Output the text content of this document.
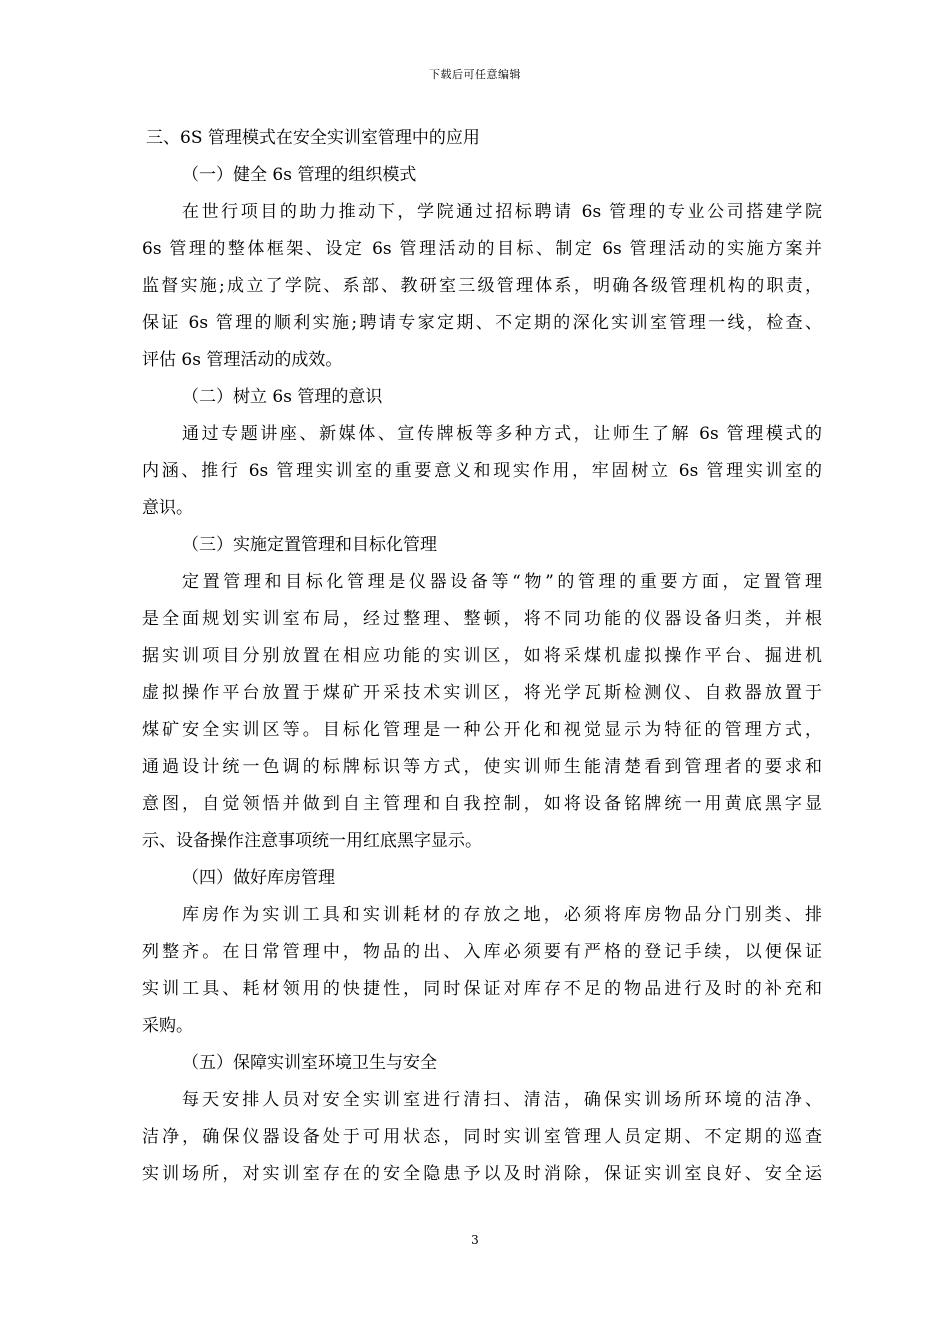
下载后可任意编辑

三、6S 管理模式在安全实训室管理中的应用

（一）健全 6s 管理的组织模式

在世行项目的助力推动下，学院通过招标聘请 6s 管理的专业公司搭建学院
6s 管理的整体框架、设定 6s 管理活动的目标、制定 6s 管理活动的实施方案并
监督实施;成立了学院、系部、教研室三级管理体系，明确各级管理机构的职责，
保证 6s 管理的顺利实施;聘请专家定期、不定期的深化实训室管理一线，检查、
评估 6s 管理活动的成效。

（二）树立 6s 管理的意识

通过专题讲座、新媒体、宣传牌板等多种方式，让师生了解 6s 管理模式的
内涵、推行 6s 管理实训室的重要意义和现实作用，牢固树立 6s 管理实训室的
意识。

（三）实施定置管理和目标化管理

定置管理和目标化管理是仪器设备等“物”的管理的重要方面，定置管理
是全面规划实训室布局，经过整理、整顿，将不同功能的仪器设备归类，并根
据实训项目分别放置在相应功能的实训区，如将采煤机虚拟操作平台、掘进机
虚拟操作平台放置于煤矿开采技术实训区，将光学瓦斯检测仪、自救器放置于
煤矿安全实训区等。目标化管理是一种公开化和视觉显示为特征的管理方式，
通過设计统一色调的标牌标识等方式，使实训师生能清楚看到管理者的要求和
意图，自觉领悟并做到自主管理和自我控制，如将设备铭牌统一用黄底黑字显
示、设备操作注意事项统一用红底黑字显示。

（四）做好库房管理

库房作为实训工具和实训耗材的存放之地，必须将库房物品分门别类、排
列整齐。在日常管理中，物品的出、入库必须要有严格的登记手续，以便保证
实训工具、耗材领用的快捷性，同时保证对库存不足的物品进行及时的补充和
采购。

（五）保障实训室环境卫生与安全

每天安排人员对安全实训室进行清扫、清洁，确保实训场所环境的洁净、
洁净，确保仪器设备处于可用状态，同时实训室管理人员定期、不定期的巡查
实训场所，对实训室存在的安全隐患予以及时消除，保证实训室良好、安全运

3
